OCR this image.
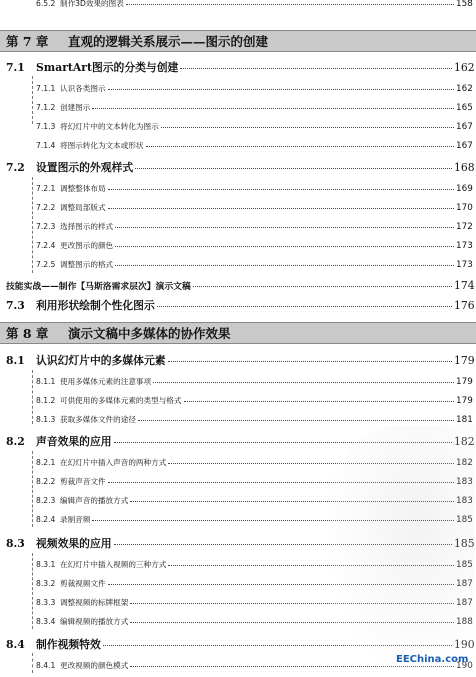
6.5.2 制作3D效果的图表	158
第 7 章	直观的逻辑关系展示——图示的创建
7.1	SmartArt图示的分类与创建	162
7.1.1 认识各类图示	162
7.1.2 创建图示	165
7.1.3 将幻灯片中的文本转化为图示	167
7.1.4 将图示转化为文本或形状	167
7.2	设置图示的外观样式	168
7.2.1 调整整体布局	169
7.2.2 调整局部版式	170
7.2.3 选择图示的样式	172
7.2.4 更改图示的颜色	173
7.2.5 调整图示的格式	173
技能实战——制作【马斯洛需求层次】演示文稿	174
7.3	利用形状绘制个性化图示	176
第 8 章	演示文稿中多媒体的协作效果
8.1	认识幻灯片中的多媒体元素	179
8.1.1 使用多媒体元素的注意事项	179
8.1.2 可供使用的多媒体元素的类型与格式	179
8.1.3 获取多媒体文件的途径	181
8.2	声音效果的应用	182
8.2.1 在幻灯片中插入声音的两种方式	182
8.2.2 剪裁声音文件	183
8.2.3 编辑声音的播放方式	183
8.2.4 录制音频	185
8.3	视频效果的应用	185
8.3.1 在幻灯片中插入视频的三种方式	185
8.3.2 剪裁视频文件	187
8.3.3 调整视频的标牌框架	187
8.3.4 编辑视频的播放方式	188
8.4	制作视频特效	190
8.4.1 更改视频的颜色模式	190
EEChina.com
